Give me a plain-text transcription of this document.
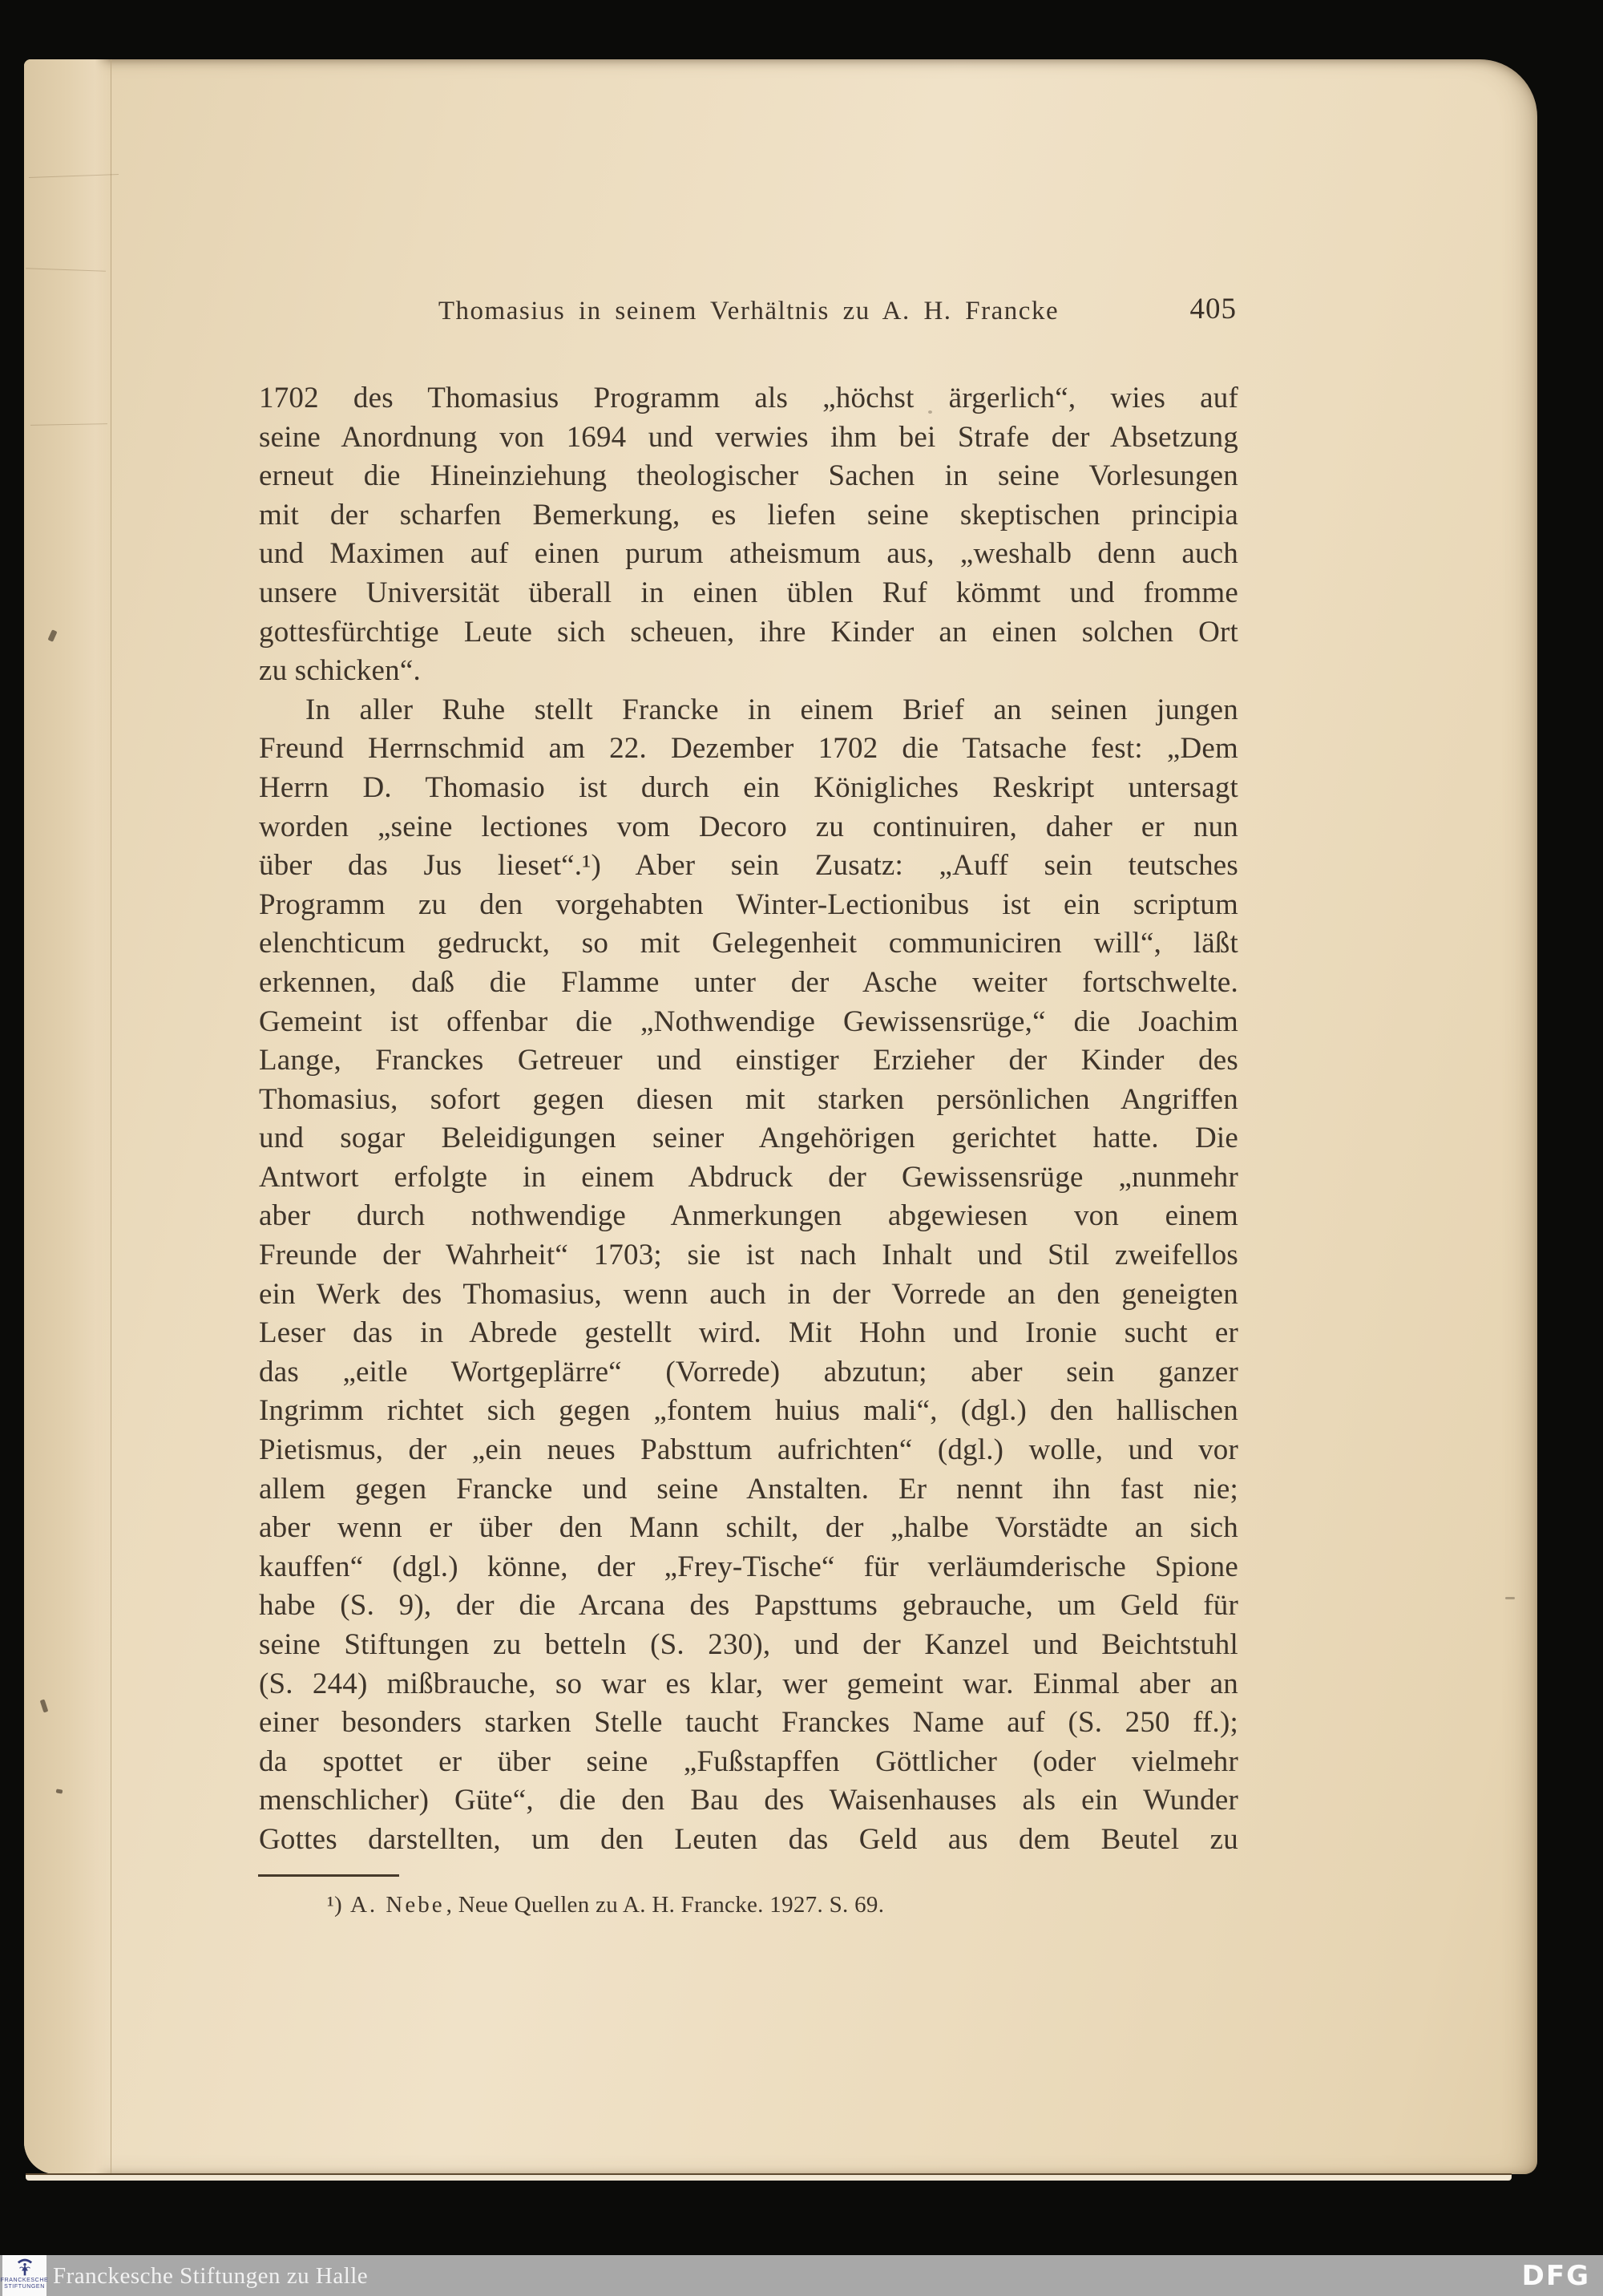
Thomasius in seinem Verhältnis zu A. H. Francke	405
1702 des Thomasius Programm als „höchst ärgerlich“, wies auf
seine Anordnung von 1694 und verwies ihm bei Strafe der Absetzung
erneut die Hineinziehung theologischer Sachen in seine Vorlesungen
mit der scharfen Bemerkung, es liefen seine skeptischen principia
und Maximen auf einen purum atheismum aus, „weshalb denn auch
unsere Universität überall in einen üblen Ruf kömmt und fromme
gottesfürchtige Leute sich scheuen, ihre Kinder an einen solchen Ort
zu schicken“.
In aller Ruhe stellt Francke in einem Brief an seinen jungen
Freund Herrnschmid am 22. Dezember 1702 die Tatsache fest: „Dem
Herrn D. Thomasio ist durch ein Königliches Reskript untersagt
worden „seine lectiones vom Decoro zu continuiren, daher er nun
über das Jus lieset“.¹) Aber sein Zusatz: „Auff sein teutsches
Programm zu den vorgehabten Winter-Lectionibus ist ein scriptum
elenchticum gedruckt, so mit Gelegenheit communiciren will“, läßt
erkennen, daß die Flamme unter der Asche weiter fortschwelte.
Gemeint ist offenbar die „Nothwendige Gewissensrüge,“ die Joachim
Lange, Franckes Getreuer und einstiger Erzieher der Kinder des
Thomasius, sofort gegen diesen mit starken persönlichen Angriffen
und sogar Beleidigungen seiner Angehörigen gerichtet hatte. Die
Antwort erfolgte in einem Abdruck der Gewissensrüge „nunmehr
aber durch nothwendige Anmerkungen abgewiesen von einem
Freunde der Wahrheit“ 1703; sie ist nach Inhalt und Stil zweifellos
ein Werk des Thomasius, wenn auch in der Vorrede an den geneigten
Leser das in Abrede gestellt wird. Mit Hohn und Ironie sucht er
das „eitle Wortgeplärre“ (Vorrede) abzutun; aber sein ganzer
Ingrimm richtet sich gegen „fontem huius mali“, (dgl.) den hallischen
Pietismus, der „ein neues Pabsttum aufrichten“ (dgl.) wolle, und vor
allem gegen Francke und seine Anstalten. Er nennt ihn fast nie;
aber wenn er über den Mann schilt, der „halbe Vorstädte an sich
kauffen“ (dgl.) könne, der „Frey-Tische“ für verläumderische Spione
habe (S. 9), der die Arcana des Papsttums gebrauche, um Geld für
seine Stiftungen zu betteln (S. 230), und der Kanzel und Beichtstuhl
(S. 244) mißbrauche, so war es klar, wer gemeint war. Einmal aber an
einer besonders starken Stelle taucht Franckes Name auf (S. 250 ff.);
da spottet er über seine „Fußstapffen Göttlicher (oder vielmehr
menschlicher) Güte“, die den Bau des Waisenhauses als ein Wunder
Gottes darstellten, um den Leuten das Geld aus dem Beutel zu
¹) A. Nebe, Neue Quellen zu A. H. Francke. 1927. S. 69.
FRANCKESCHE
STIFTUNGEN Franckesche Stiftungen zu Halle	DFG
